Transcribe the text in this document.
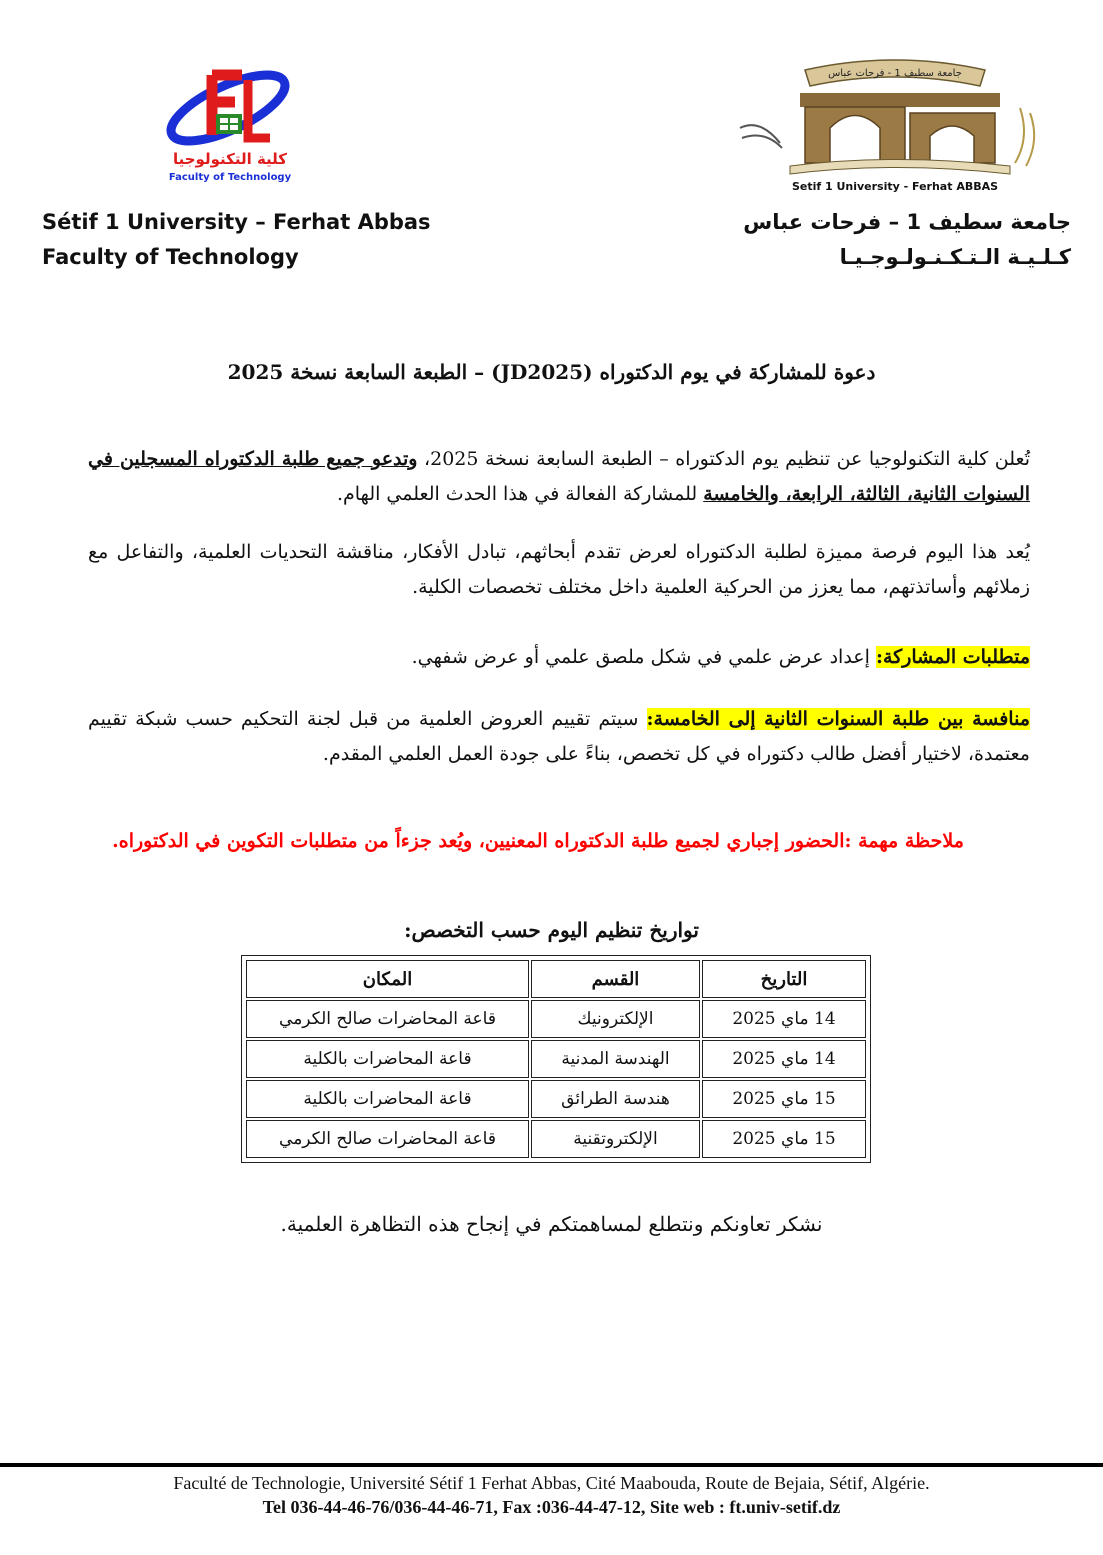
كلية التكنولوجيا
Faculty of Technology
جامعة سطيف 1 - فرحات عباس
Setif 1 University - Ferhat ABBAS
Sétif 1 University – Ferhat Abbas
Faculty of Technology
جامعة سطيف 1 – فرحات عباس
كـلـيـة الـتـكـنـولـوجـيـا
دعوة للمشاركة في يوم الدكتوراه (JD2025) – الطبعة السابعة نسخة 2025
تُعلن كلية التكنولوجيا عن تنظيم يوم الدكتوراه – الطبعة السابعة نسخة 2025، وتدعو جميع طلبة الدكتوراه المسجلين في السنوات الثانية، الثالثة، الرابعة، والخامسة للمشاركة الفعالة في هذا الحدث العلمي الهام.
يُعد هذا اليوم فرصة مميزة لطلبة الدكتوراه لعرض تقدم أبحاثهم، تبادل الأفكار، مناقشة التحديات العلمية، والتفاعل مع زملائهم وأساتذتهم، مما يعزز من الحركية العلمية داخل مختلف تخصصات الكلية.
متطلبات المشاركة: إعداد عرض علمي في شكل ملصق علمي أو عرض شفهي.
منافسة بين طلبة السنوات الثانية إلى الخامسة: سيتم تقييم العروض العلمية من قبل لجنة التحكيم حسب شبكة تقييم معتمدة، لاختيار أفضل طالب دكتوراه في كل تخصص، بناءً على جودة العمل العلمي المقدم.
ملاحظة مهمة :الحضور إجباري لجميع طلبة الدكتوراه المعنيين، ويُعد جزءاً من متطلبات التكوين في الدكتوراه.
تواريخ تنظيم اليوم حسب التخصص:
التاريخ	القسم	المكان
14 ماي 2025	الإلكترونيك	قاعة المحاضرات صالح الكرمي
14 ماي 2025	الهندسة المدنية	قاعة المحاضرات بالكلية
15 ماي 2025	هندسة الطرائق	قاعة المحاضرات بالكلية
15 ماي 2025	الإلكتروتقنية	قاعة المحاضرات صالح الكرمي
نشكر تعاونكم ونتطلع لمساهمتكم في إنجاح هذه التظاهرة العلمية.
Faculté de Technologie, Université Sétif 1 Ferhat Abbas, Cité Maabouda, Route de Bejaia, Sétif, Algérie.
Tel 036-44-46-76/036-44-46-71, Fax :036-44-47-12, Site web : ft.univ-setif.dz
